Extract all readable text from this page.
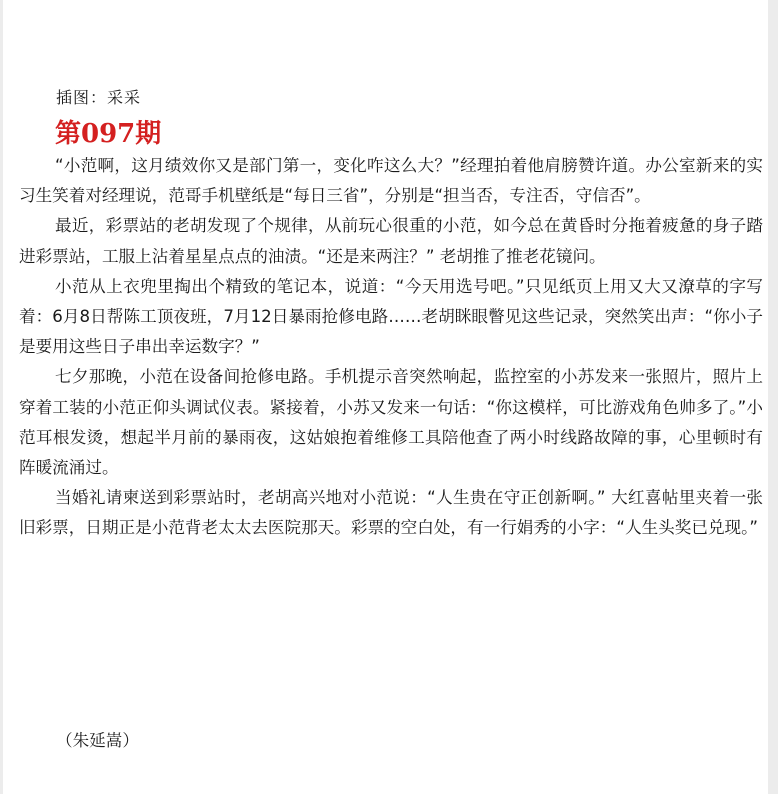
插图：采采
第097期

“小范啊，这月绩效你又是部门第一，变化咋这么大？”经理拍着他肩膀赞许道。办公室新来的实习生笑着对经理说，范哥手机壁纸是“每日三省”，分别是“担当否，专注否，守信否”。

最近，彩票站的老胡发现了个规律，从前玩心很重的小范，如今总在黄昏时分拖着疲惫的身子踏进彩票站，工服上沾着星星点点的油渍。“还是来两注？” 老胡推了推老花镜问。

小范从上衣兜里掏出个精致的笔记本，说道：“今天用选号吧。”只见纸页上用又大又潦草的字写着：6月8日帮陈工顶夜班，7月12日暴雨抢修电路……老胡眯眼瞥见这些记录，突然笑出声：“你小子是要用这些日子串出幸运数字？”

七夕那晚，小范在设备间抢修电路。手机提示音突然响起，监控室的小苏发来一张照片，照片上穿着工装的小范正仰头调试仪表。紧接着，小苏又发来一句话：“你这模样，可比游戏角色帅多了。”小范耳根发烫，想起半月前的暴雨夜，这姑娘抱着维修工具陪他查了两小时线路故障的事，心里顿时有阵暖流涌过。

当婚礼请柬送到彩票站时，老胡高兴地对小范说：“人生贵在守正创新啊。” 大红喜帖里夹着一张旧彩票，日期正是小范背老太太去医院那天。彩票的空白处，有一行娟秀的小字：“人生头奖已兑现。”

（朱延嵩）
